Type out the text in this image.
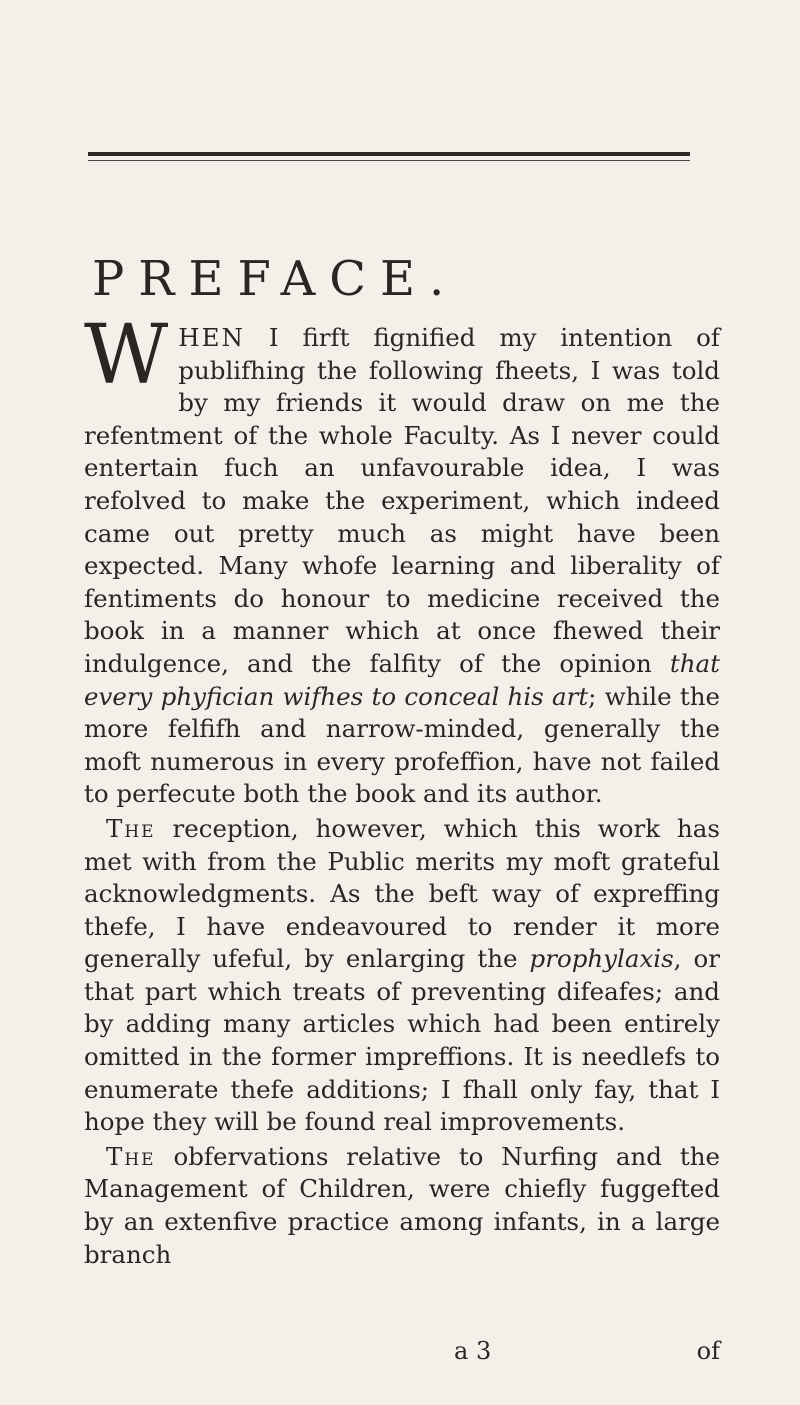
PREFACE.

WHEN I firft fignified my intention of publifhing the following fheets, I was told by my friends it would draw on me the refentment of the whole Faculty. As I never could entertain fuch an unfavourable idea, I was refolved to make the experiment, which indeed came out pretty much as might have been expected. Many whofe learning and liberality of fentiments do honour to medicine received the book in a manner which at once fhewed their indulgence, and the falfity of the opinion that every phyfician wifhes to conceal his art; while the more felfifh and narrow-minded, generally the moft numerous in every profeffion, have not failed to perfecute both the book and its author.

The reception, however, which this work has met with from the Public merits my moft grateful acknowledgments. As the beft way of expreffing thefe, I have endeavoured to render it more generally ufeful, by enlarging the prophylaxis, or that part which treats of preventing difeafes; and by adding many articles which had been entirely omitted in the former impreffions. It is needlefs to enumerate thefe additions; I fhall only fay, that I hope they will be found real improvements.

The obfervations relative to Nurfing and the Management of Children, were chiefly fuggefted by an extenfive practice among infants, in a large branch

a 3	of
